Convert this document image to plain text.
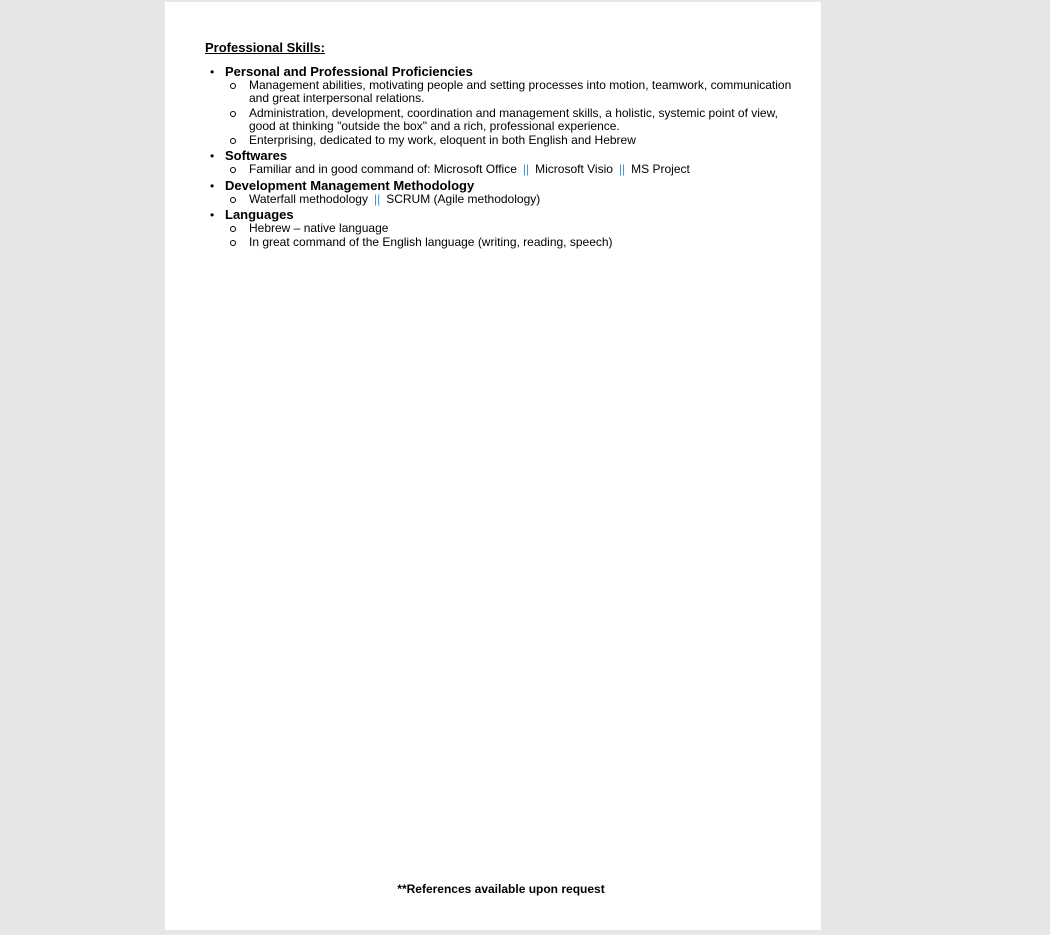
Professional Skills:
• Personal and Professional Proficiencies
Management abilities, motivating people and setting processes into motion, teamwork, communication and great interpersonal relations.
Administration, development, coordination and management skills, a holistic, systemic point of view, good at thinking "outside the box" and a rich, professional experience.
Enterprising, dedicated to my work, eloquent in both English and Hebrew
• Softwares
Familiar and in good command of: Microsoft Office || Microsoft Visio || MS Project
• Development Management Methodology
Waterfall methodology || SCRUM (Agile methodology)
• Languages
Hebrew – native language
In great command of the English language (writing, reading, speech)
**References available upon request
